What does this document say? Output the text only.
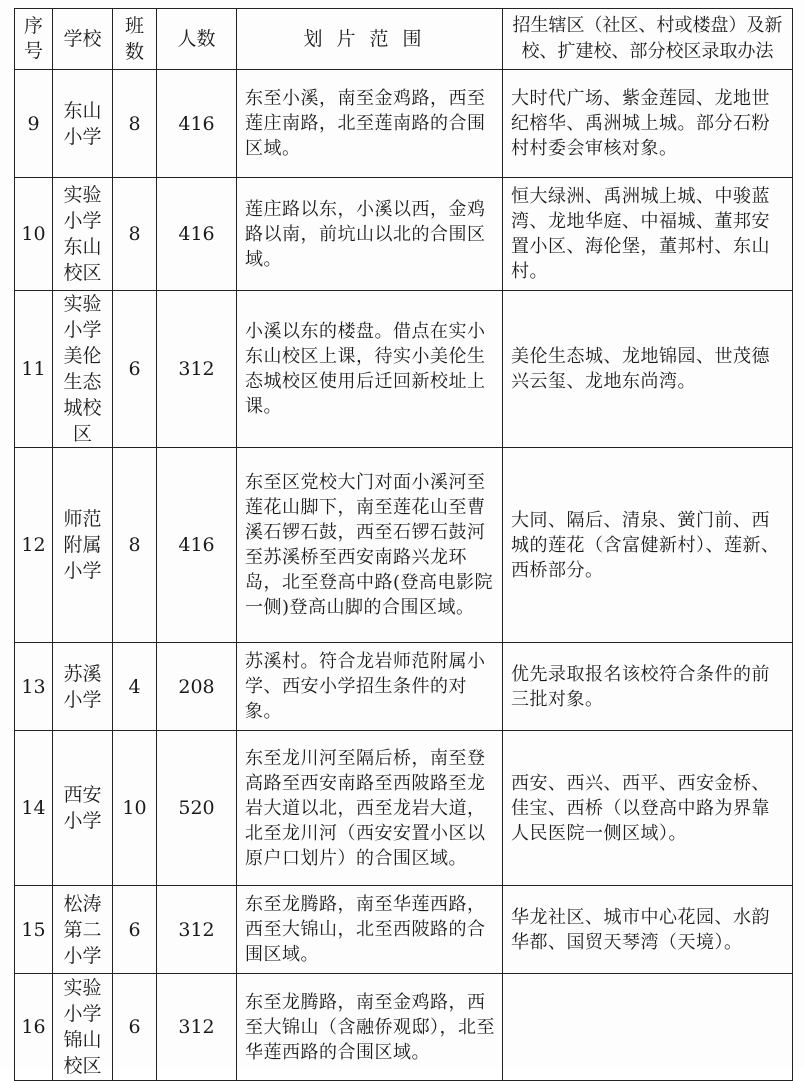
序号	学校	班数	人数	划片范围	招生辖区（社区、村或楼盘）及新校、扩建校、部分校区录取办法
9	东山小学	8	416	东至小溪，南至金鸡路，西至莲庄南路，北至莲南路的合围区域。	大时代广场、紫金莲园、龙地世纪榕华、禹洲城上城。部分石粉村村委会审核对象。
10	实验小学东山校区	8	416	莲庄路以东，小溪以西，金鸡路以南，前坑山以北的合围区域。	恒大绿洲、禹洲城上城、中骏蓝湾、龙地华庭、中福城、董邦安置小区、海伦堡，董邦村、东山村。
11	实验小学美伦生态城校区	6	312	小溪以东的楼盘。借点在实小东山校区上课，待实小美伦生态城校区使用后迁回新校址上课。	美伦生态城、龙地锦园、世茂德兴云玺、龙地东尚湾。
12	师范附属小学	8	416	东至区党校大门对面小溪河至莲花山脚下，南至莲花山至曹溪石锣石鼓，西至石锣石鼓河至苏溪桥至西安南路兴龙环岛，北至登高中路(登高电影院一侧)登高山脚的合围区域。	大同、隔后、清泉、黉门前、西城的莲花（含富健新村）、莲新、西桥部分。
13	苏溪小学	4	208	苏溪村。符合龙岩师范附属小学、西安小学招生条件的对象。	优先录取报名该校符合条件的前三批对象。
14	西安小学	10	520	东至龙川河至隔后桥，南至登高路至西安南路至西陂路至龙岩大道以北，西至龙岩大道，北至龙川河（西安安置小区以原户口划片）的合围区域。	西安、西兴、西平、西安金桥、佳宝、西桥（以登高中路为界靠人民医院一侧区域）。
15	松涛第二小学	6	312	东至龙腾路，南至华莲西路，西至大锦山，北至西陂路的合围区域。	华龙社区、城市中心花园、水韵华都、国贸天琴湾（天境）。
16	实验小学锦山校区	6	312	东至龙腾路，南至金鸡路，西至大锦山（含融侨观邸），北至华莲西路的合围区域。	
